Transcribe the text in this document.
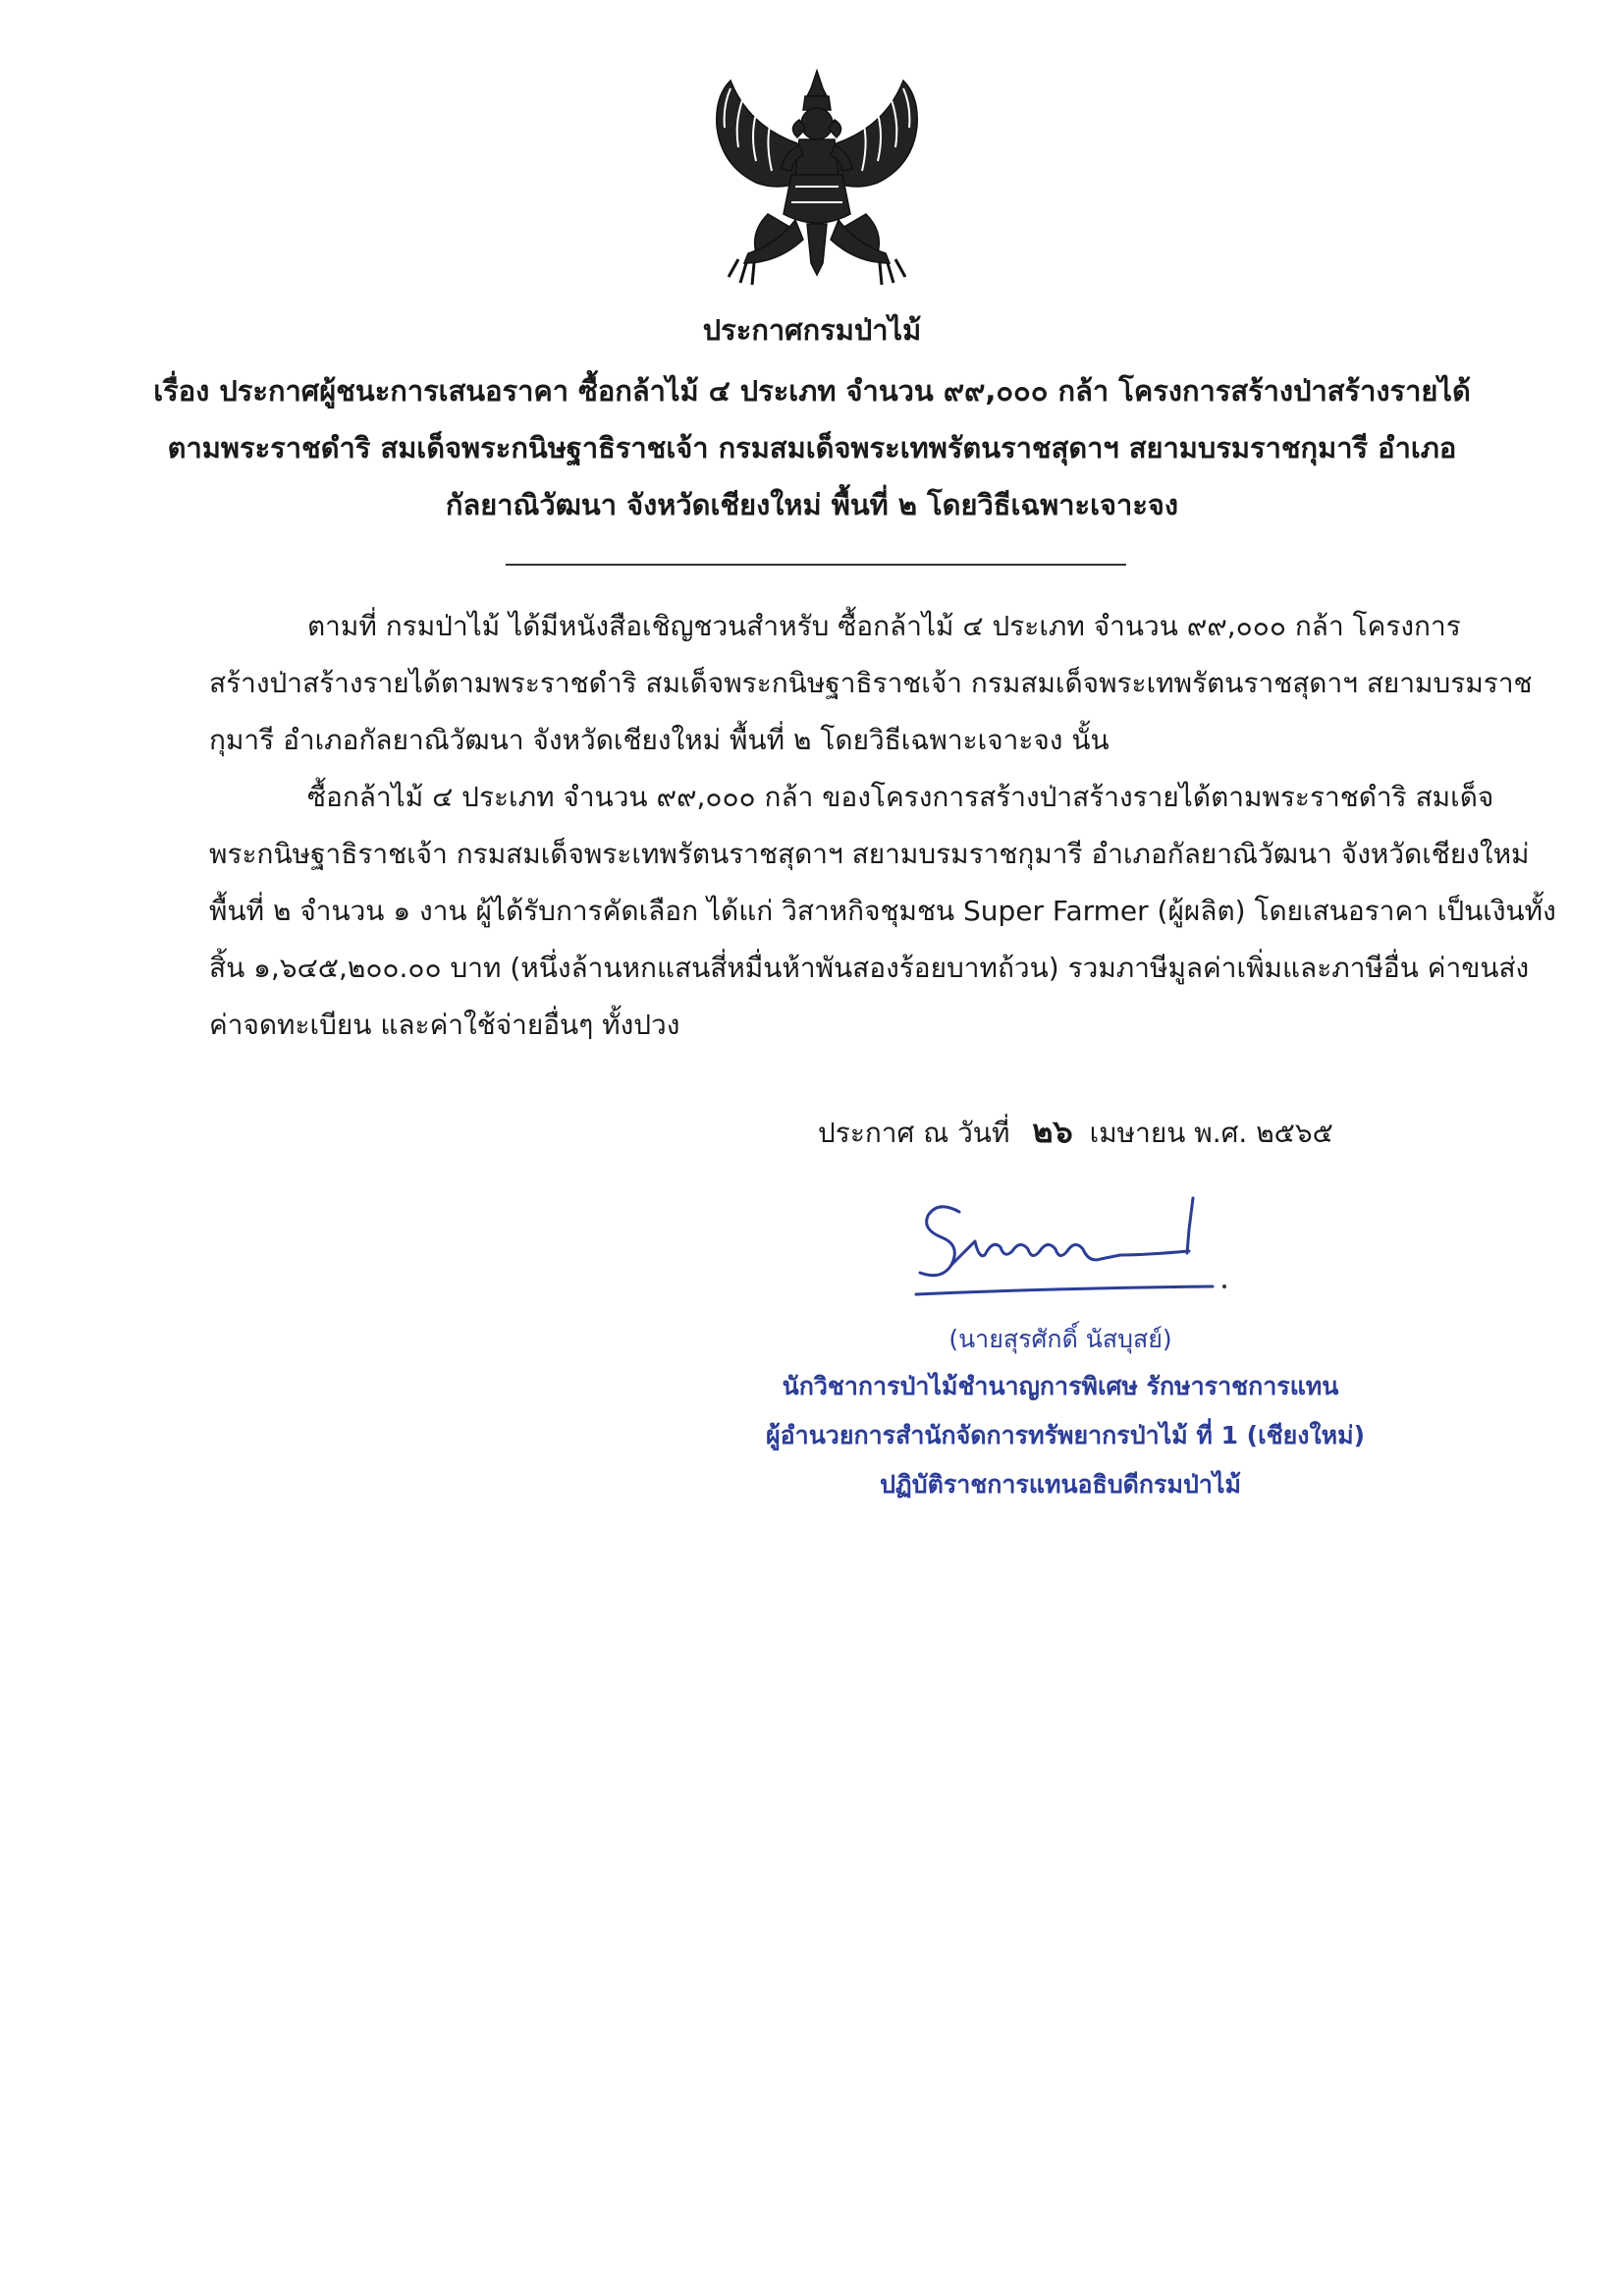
ประกาศกรมป่าไม้
เรื่อง ประกาศผู้ชนะการเสนอราคา ซื้อกล้าไม้ ๔ ประเภท จำนวน ๙๙,๐๐๐ กล้า โครงการสร้างป่าสร้างรายได้
ตามพระราชดำริ สมเด็จพระกนิษฐาธิราชเจ้า กรมสมเด็จพระเทพรัตนราชสุดาฯ สยามบรมราชกุมารี อำเภอ
กัลยาณิวัฒนา จังหวัดเชียงใหม่ พื้นที่ ๒ โดยวิธีเฉพาะเจาะจง
ตามที่ กรมป่าไม้ ได้มีหนังสือเชิญชวนสำหรับ ซื้อกล้าไม้ ๔ ประเภท จำนวน ๙๙,๐๐๐ กล้า โครงการ
สร้างป่าสร้างรายได้ตามพระราชดำริ สมเด็จพระกนิษฐาธิราชเจ้า กรมสมเด็จพระเทพรัตนราชสุดาฯ สยามบรมราช
กุมารี อำเภอกัลยาณิวัฒนา จังหวัดเชียงใหม่ พื้นที่ ๒ โดยวิธีเฉพาะเจาะจง นั้น
ซื้อกล้าไม้ ๔ ประเภท จำนวน ๙๙,๐๐๐ กล้า ของโครงการสร้างป่าสร้างรายได้ตามพระราชดำริ สมเด็จ
พระกนิษฐาธิราชเจ้า กรมสมเด็จพระเทพรัตนราชสุดาฯ สยามบรมราชกุมารี อำเภอกัลยาณิวัฒนา จังหวัดเชียงใหม่
พื้นที่ ๒ จำนวน ๑ งาน ผู้ได้รับการคัดเลือก ได้แก่ วิสาหกิจชุมชน Super Farmer (ผู้ผลิต) โดยเสนอราคา เป็นเงินทั้ง
สิ้น ๑,๖๔๕,๒๐๐.๐๐ บาท (หนึ่งล้านหกแสนสี่หมื่นห้าพันสองร้อยบาทถ้วน) รวมภาษีมูลค่าเพิ่มและภาษีอื่น ค่าขนส่ง
ค่าจดทะเบียน และค่าใช้จ่ายอื่นๆ ทั้งปวง
ประกาศ ณ วันที่ ๒๖ เมษายน พ.ศ. ๒๕๖๕
(นายสุรศักดิ์ นัสบุสย์)
นักวิชาการป่าไม้ชำนาญการพิเศษ รักษาราชการแทน
ผู้อำนวยการสำนักจัดการทรัพยากรป่าไม้ ที่ 1 (เชียงใหม่)
ปฏิบัติราชการแทนอธิบดีกรมป่าไม้
